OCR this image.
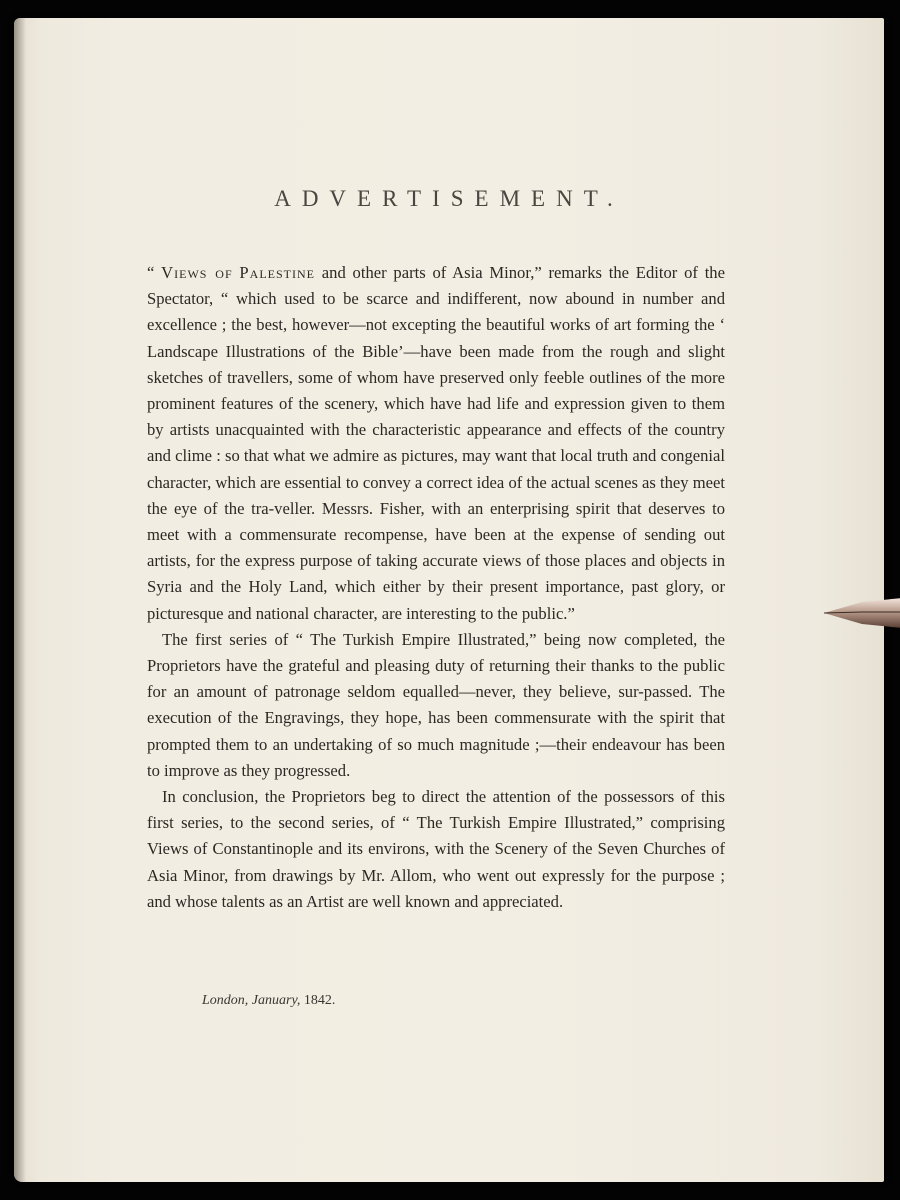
ADVERTISEMENT.

“ Views of Palestine and other parts of Asia Minor,” remarks the Editor of the Spectator, “ which used to be scarce and indifferent, now abound in number and excellence ; the best, however—not excepting the beautiful works of art forming the ‘ Landscape Illustrations of the Bible’—have been made from the rough and slight sketches of travellers, some of whom have preserved only feeble outlines of the more prominent features of the scenery, which have had life and expression given to them by artists unacquainted with the characteristic appearance and effects of the country and clime : so that what we admire as pictures, may want that local truth and congenial character, which are essential to convey a correct idea of the actual scenes as they meet the eye of the tra-veller. Messrs. Fisher, with an enterprising spirit that deserves to meet with a commensurate recompense, have been at the expense of sending out artists, for the express purpose of taking accurate views of those places and objects in Syria and the Holy Land, which either by their present importance, past glory, or picturesque and national character, are interesting to the public.”

The first series of “ The Turkish Empire Illustrated,” being now completed, the Proprietors have the grateful and pleasing duty of returning their thanks to the public for an amount of patronage seldom equalled—never, they believe, sur-passed. The execution of the Engravings, they hope, has been commensurate with the spirit that prompted them to an undertaking of so much magnitude ;—their endeavour has been to improve as they progressed.

In conclusion, the Proprietors beg to direct the attention of the possessors of this first series, to the second series, of “ The Turkish Empire Illustrated,” comprising Views of Constantinople and its environs, with the Scenery of the Seven Churches of Asia Minor, from drawings by Mr. Allom, who went out expressly for the purpose ; and whose talents as an Artist are well known and appreciated.

London, January, 1842.
